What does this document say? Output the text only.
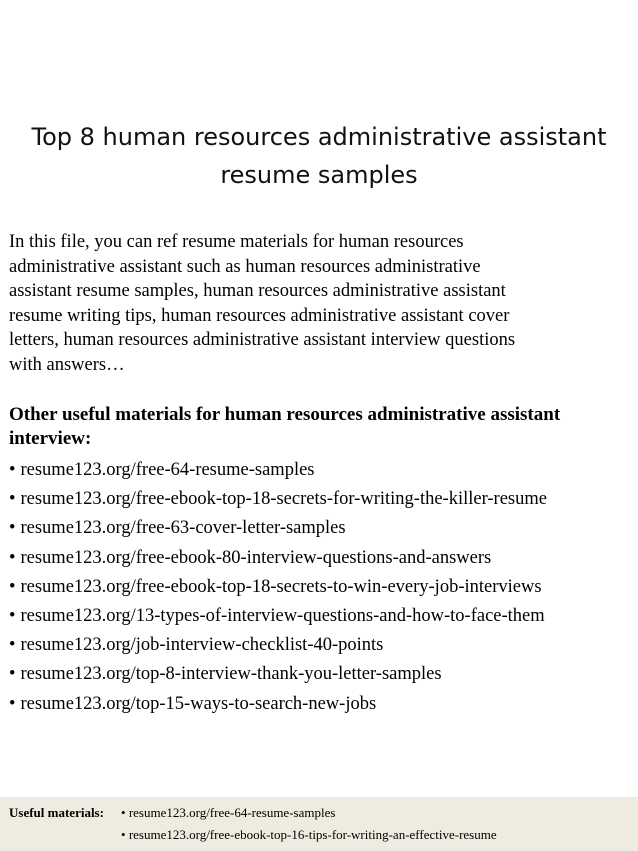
Top 8 human resources administrative assistant
resume samples
In this file, you can ref resume materials for human resources
administrative assistant such as human resources administrative
assistant resume samples, human resources administrative assistant
resume writing tips, human resources administrative assistant cover
letters, human resources administrative assistant interview questions
with answers…
Other useful materials for human resources administrative assistant
interview:
• resume123.org/free-64-resume-samples
• resume123.org/free-ebook-top-18-secrets-for-writing-the-killer-resume
• resume123.org/free-63-cover-letter-samples
• resume123.org/free-ebook-80-interview-questions-and-answers
• resume123.org/free-ebook-top-18-secrets-to-win-every-job-interviews
• resume123.org/13-types-of-interview-questions-and-how-to-face-them
• resume123.org/job-interview-checklist-40-points
• resume123.org/top-8-interview-thank-you-letter-samples
• resume123.org/top-15-ways-to-search-new-jobs
Useful materials: • resume123.org/free-64-resume-samples
• resume123.org/free-ebook-top-16-tips-for-writing-an-effective-resume
